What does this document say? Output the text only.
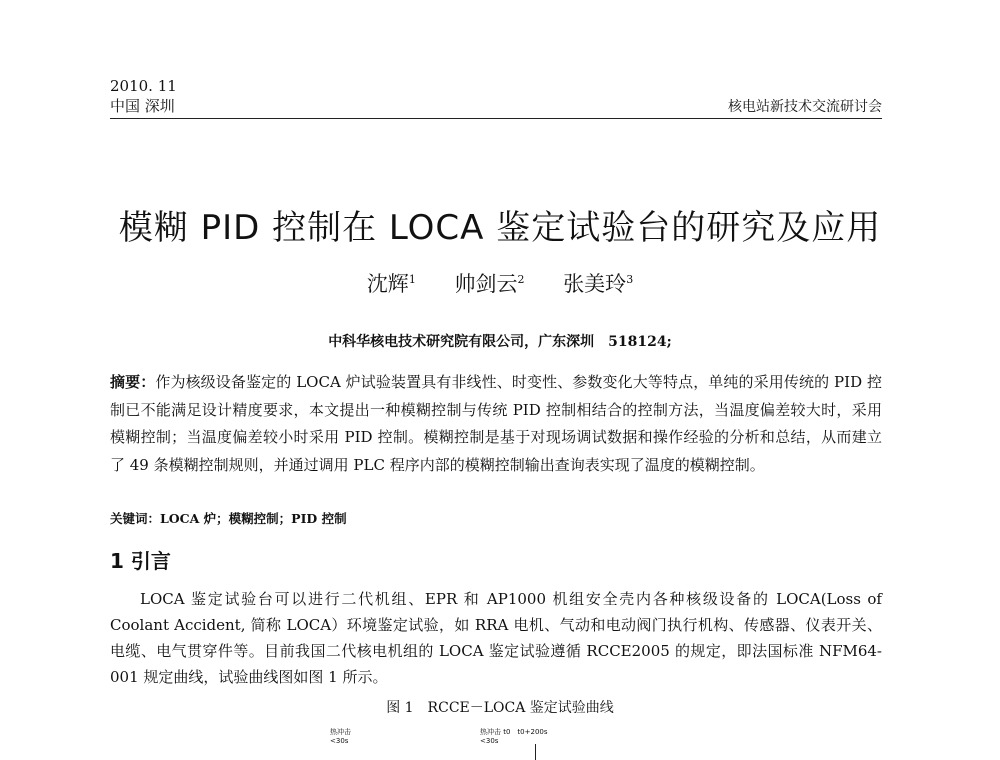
2010. 11
中国 深圳	核电站新技术交流研讨会
模糊 PID 控制在 LOCA 鉴定试验台的研究及应用
沈辉$^1$ 帅剑云$^2$ 张美玲$^3$
中科华核电技术研究院有限公司，广东深圳　518124;
摘要：作为核级设备鉴定的 LOCA 炉试验装置具有非线性、时变性、参数变化大等特点，单纯的采用传统的 PID 控制已不能满足设计精度要求，本文提出一种模糊控制与传统 PID 控制相结合的控制方法，当温度偏差较大时，采用模糊控制；当温度偏差较小时采用 PID 控制。模糊控制是基于对现场调试数据和操作经验的分析和总结，从而建立了 49 条模糊控制规则，并通过调用 PLC 程序内部的模糊控制输出查询表实现了温度的模糊控制。
关键词：LOCA 炉；模糊控制；PID 控制
1 引言
LOCA 鉴定试验台可以进行二代机组、EPR 和 AP1000 机组安全壳内各种核级设备的 LOCA(Loss of Coolant Accident, 简称 LOCA）环境鉴定试验，如 RRA 电机、气动和电动阀门执行机构、传感器、仪表开关、电缆、电气贯穿件等。目前我国二代核电机组的 LOCA 鉴定试验遵循 RCCE2005 的规定，即法国标准 NFM64-001 规定曲线，试验曲线图如图 1 所示。
图 1　RCCE－LOCA 鉴定试验曲线
热冲击
<30s
热冲击 t0　t0+200s
<30s
